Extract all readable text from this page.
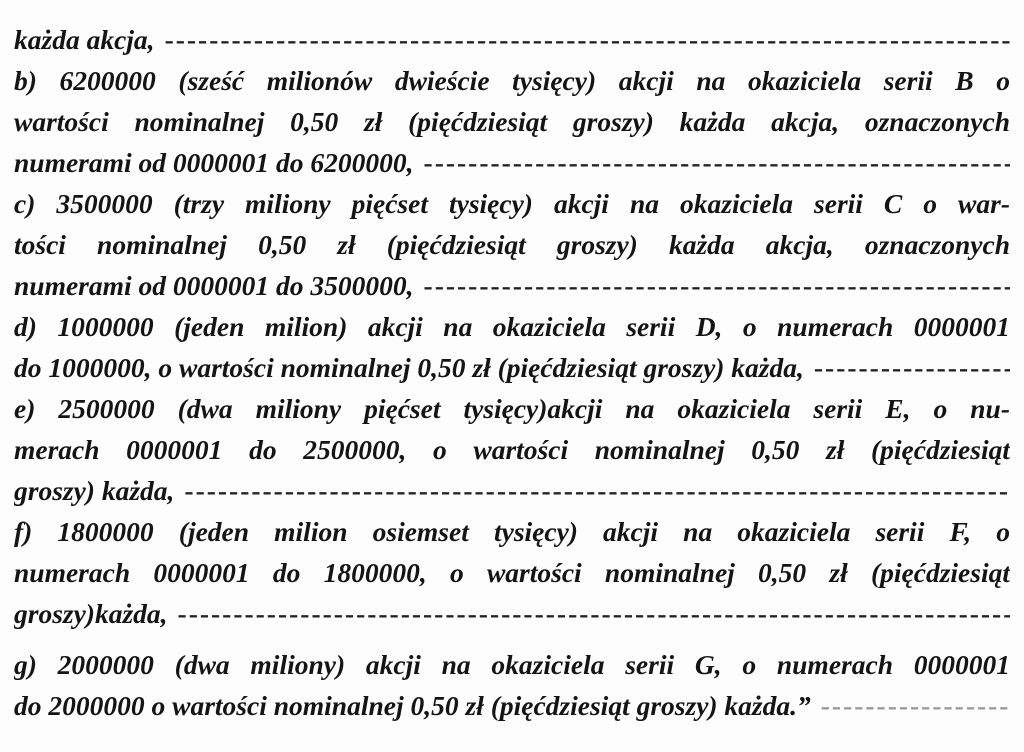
każda akcja,
-----
b) 6200000 (sześć milionów dwieście tysięcy) akcji na okaziciela serii B o
wartości nominalnej 0,50 zł (pięćdziesiąt groszy) każda akcja, oznaczonych
numerami od 0000001 do 6200000,
-----
c) 3500000 (trzy miliony pięćset tysięcy) akcji na okaziciela serii C o war-
tości nominalnej 0,50 zł (pięćdziesiąt groszy) każda akcja, oznaczonych
numerami od 0000001 do 3500000,
-----
d) 1000000 (jeden milion) akcji na okaziciela serii D, o numerach 0000001
do 1000000, o wartości nominalnej 0,50 zł (pięćdziesiąt groszy) każda,
-----
e) 2500000 (dwa miliony pięćset tysięcy)akcji na okaziciela serii E, o nu-
merach 0000001 do 2500000, o wartości nominalnej 0,50 zł (pięćdziesiąt
groszy) każda,
-----
f) 1800000 (jeden milion osiemset tysięcy) akcji na okaziciela serii F, o
numerach 0000001 do 1800000, o wartości nominalnej 0,50 zł (pięćdziesiąt
groszy)każda,
-----
g) 2000000 (dwa miliony) akcji na okaziciela serii G, o numerach 0000001
do 2000000 o wartości nominalnej 0,50 zł (pięćdziesiąt groszy) każda.”
-----
